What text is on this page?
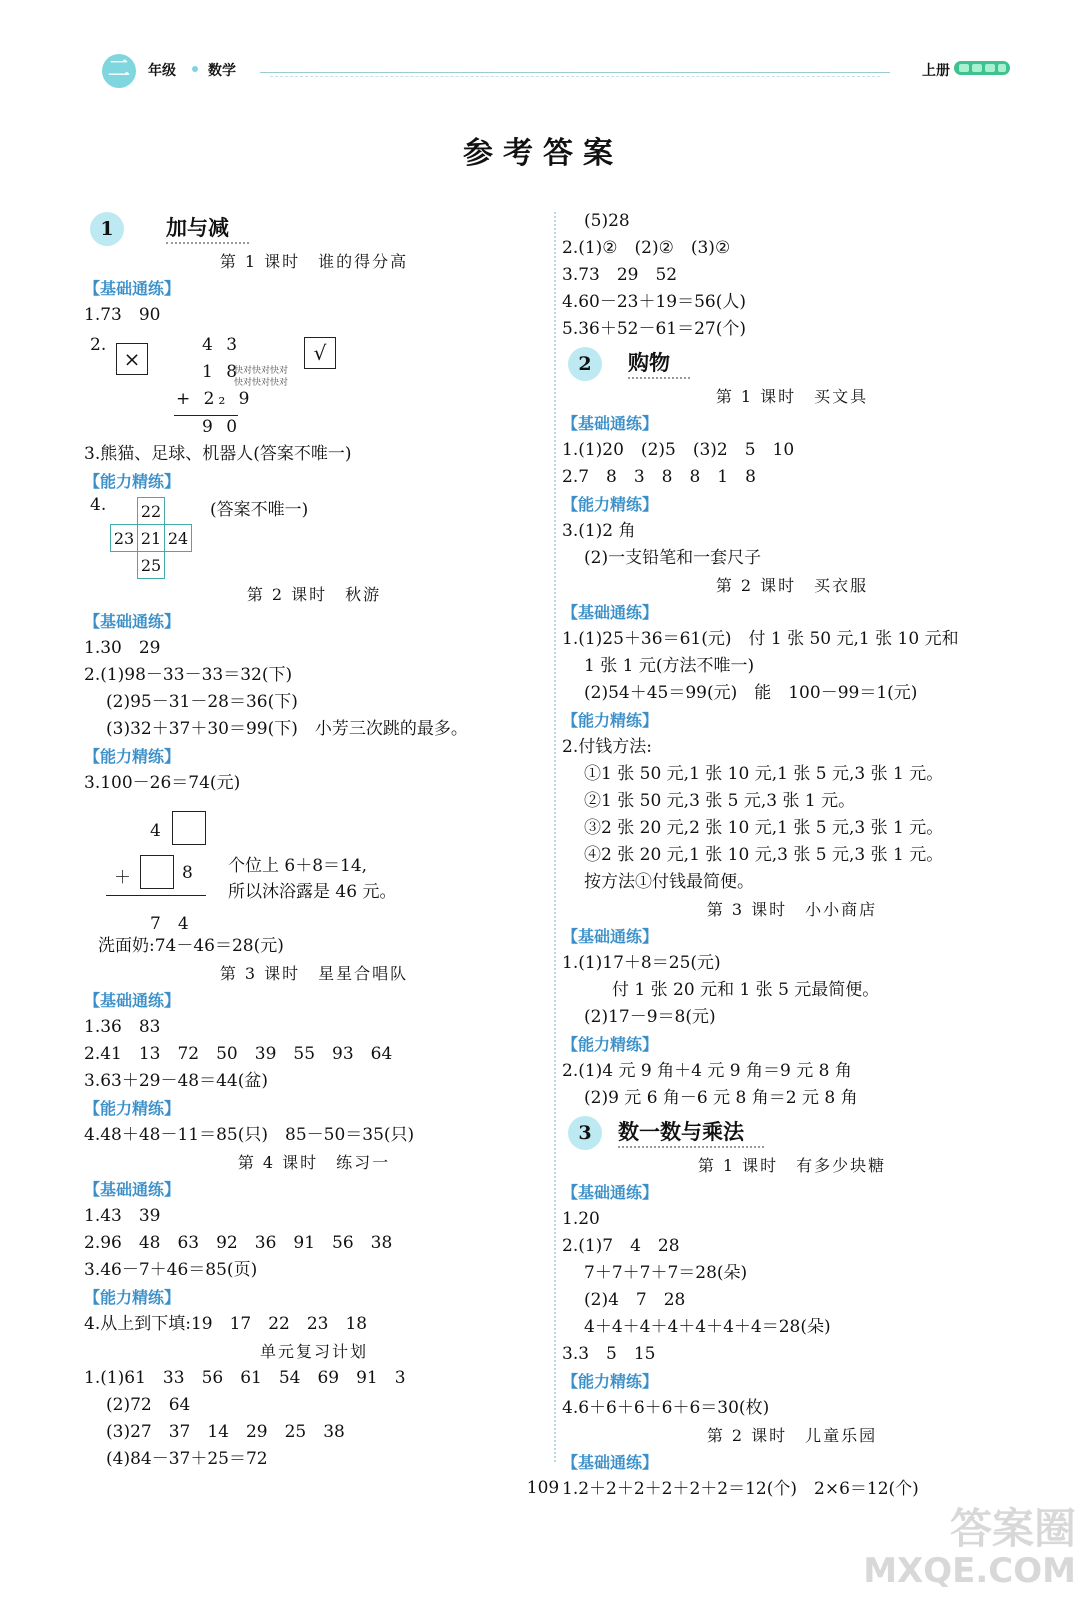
二	年级 数学	上册
参考答案
1	加与减
第 1 课时　谁的得分高
【基础通练】
1.73　90
2.
×
4 3
1 8
快对快对快对 快对快对快对
+ 2₂ 9
9 0
√
3.熊猫、足球、机器人(答案不唯一)
【能力精练】
4.
	22	
23	21	24
	25	
(答案不唯一)
第 2 课时　秋游
【基础通练】
1.30　29
2.(1)98－33－33＝32(下)
(2)95－31－28＝36(下)
(3)32＋37＋30＝99(下)　小芳三次跳的最多。
【能力精练】
3.100－26＝74(元)
4
＋	8
7　4
个位上 6＋8＝14,
所以沐浴露是 46 元。
洗面奶:74－46＝28(元)
第 3 课时　星星合唱队
【基础通练】
1.36　83
2.41　13　72　50　39　55　93　64
3.63＋29－48＝44(盆)
【能力精练】
4.48＋48－11＝85(只)　85－50＝35(只)
第 4 课时　练习一
【基础通练】
1.43　39
2.96　48　63　92　36　91　56　38
3.46－7＋46＝85(页)
【能力精练】
4.从上到下填:19　17　22　23　18
单元复习计划
1.(1)61　33　56　61　54　69　91　3
(2)72　64
(3)27　37　14　29　25　38
(4)84－37＋25＝72
(5)28
2.(1)②　(2)②　(3)②
3.73　29　52
4.60－23＋19＝56(人)
5.36＋52－61＝27(个)
2	购物
第 1 课时　买文具
【基础通练】
1.(1)20　(2)5　(3)2　5　10
2.7　8　3　8　8　1　8
【能力精练】
3.(1)2 角
(2)一支铅笔和一套尺子
第 2 课时　买衣服
【基础通练】
1.(1)25＋36＝61(元)　付 1 张 50 元,1 张 10 元和
1 张 1 元(方法不唯一)
(2)54＋45＝99(元)　能　100－99＝1(元)
【能力精练】
2.付钱方法:
①1 张 50 元,1 张 10 元,1 张 5 元,3 张 1 元。
②1 张 50 元,3 张 5 元,3 张 1 元。
③2 张 20 元,2 张 10 元,1 张 5 元,3 张 1 元。
④2 张 20 元,1 张 10 元,3 张 5 元,3 张 1 元。
按方法①付钱最简便。
第 3 课时　小小商店
【基础通练】
1.(1)17＋8＝25(元)
付 1 张 20 元和 1 张 5 元最简便。
(2)17－9＝8(元)
【能力精练】
2.(1)4 元 9 角＋4 元 9 角＝9 元 8 角
(2)9 元 6 角－6 元 8 角＝2 元 8 角
3	数一数与乘法
第 1 课时　有多少块糖
【基础通练】
1.20
2.(1)7　4　28
7＋7＋7＋7＝28(朵)
(2)4　7　28
4＋4＋4＋4＋4＋4＋4＝28(朵)
3.3　5　15
【能力精练】
4.6＋6＋6＋6＋6＝30(枚)
第 2 课时　儿童乐园
【基础通练】
1.2＋2＋2＋2＋2＋2＝12(个)　2×6＝12(个)
109
答案圈
MXQE.COM
